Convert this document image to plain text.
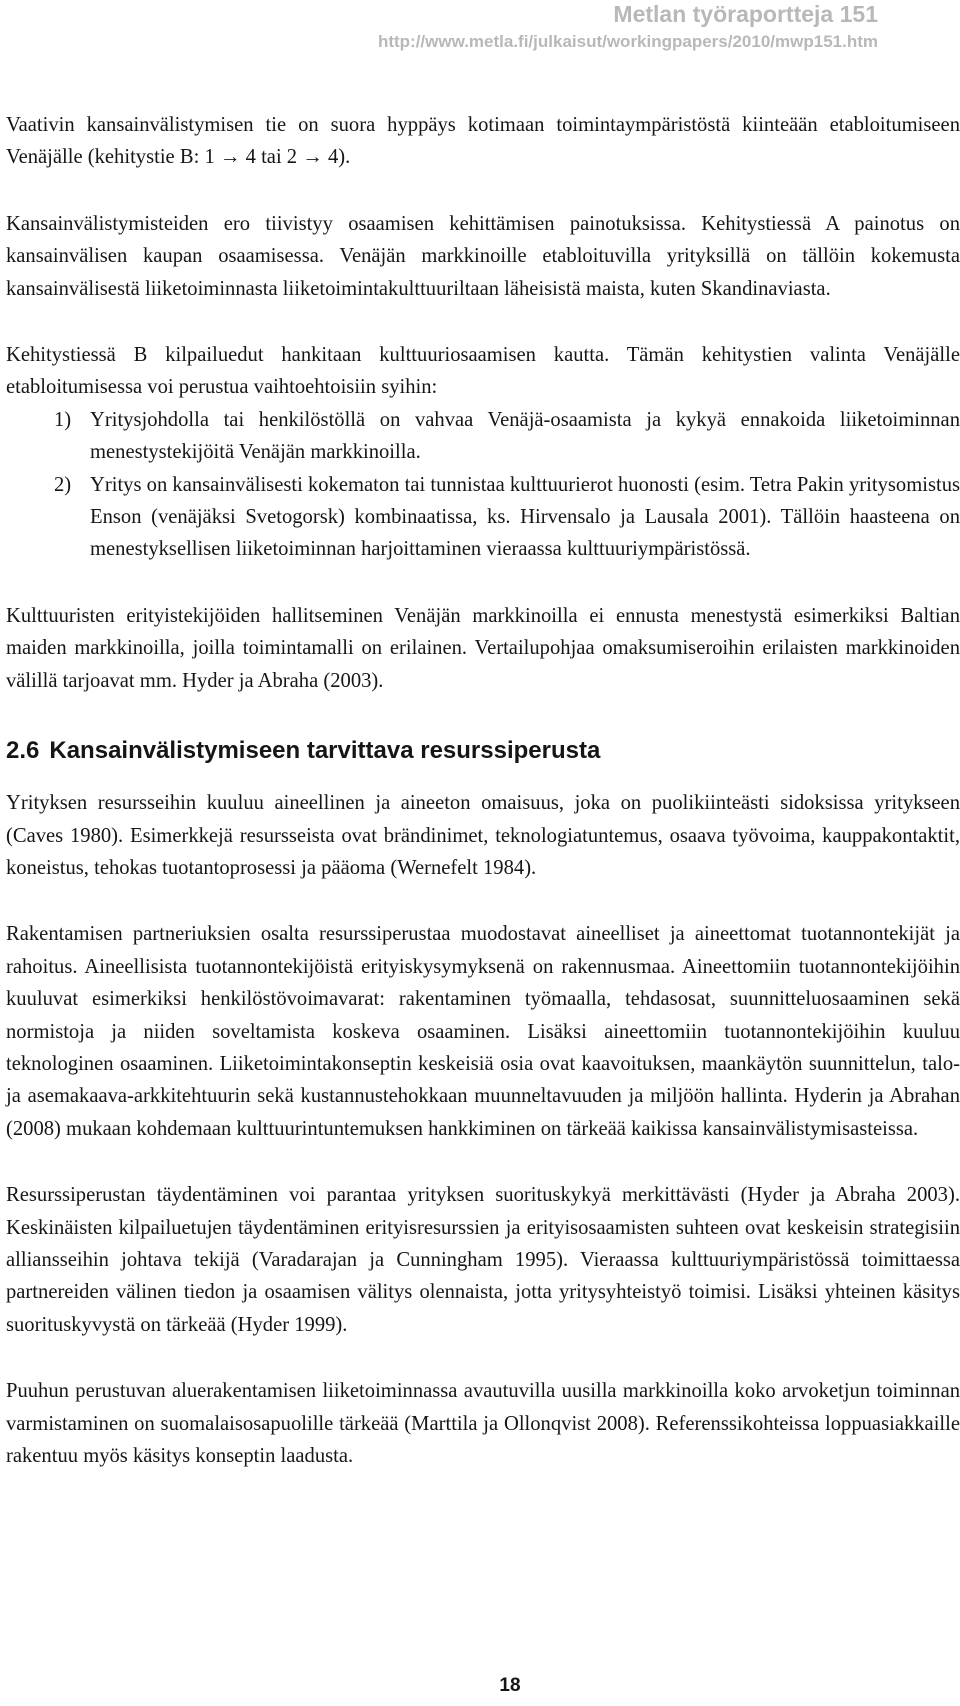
Metlan työraportteja 151
http://www.metla.fi/julkaisut/workingpapers/2010/mwp151.htm

Vaativin kansainvälistymisen tie on suora hyppäys kotimaan toimintaympäristöstä kiinteään etabloitumiseen Venäjälle (kehitystie B: 1 → 4 tai 2 → 4).

Kansainvälistymisteiden ero tiivistyy osaamisen kehittämisen painotuksissa. Kehitystiessä A painotus on kansainvälisen kaupan osaamisessa. Venäjän markkinoille etabloituvilla yrityksillä on tällöin kokemusta kansainvälisestä liiketoiminnasta liiketoimintakulttuuriltaan läheisistä maista, kuten Skandinaviasta.

Kehitystiessä B kilpailuedut hankitaan kulttuuriosaamisen kautta. Tämän kehitystien valinta Venäjälle etabloitumisessa voi perustua vaihtoehtoisiin syihin:

1) Yritysjohdolla tai henkilöstöllä on vahvaa Venäjä-osaamista ja kykyä ennakoida liiketoiminnan menestystekijöitä Venäjän markkinoilla.
2) Yritys on kansainvälisesti kokematon tai tunnistaa kulttuurierot huonosti (esim. Tetra Pakin yritysomistus Enson (venäjäksi Svetogorsk) kombinaatissa, ks. Hirvensalo ja Lausala 2001). Tällöin haasteena on menestyksellisen liiketoiminnan harjoittaminen vieraassa kulttuuriympäristössä.

Kulttuuristen erityistekijöiden hallitseminen Venäjän markkinoilla ei ennusta menestystä esimerkiksi Baltian maiden markkinoilla, joilla toimintamalli on erilainen. Vertailupohjaa omaksumiseroihin erilaisten markkinoiden välillä tarjoavat mm. Hyder ja Abraha (2003).

2.6 Kansainvälistymiseen tarvittava resurssiperusta

Yrityksen resursseihin kuuluu aineellinen ja aineeton omaisuus, joka on puolikiinteästi sidoksissa yritykseen (Caves 1980). Esimerkkejä resursseista ovat brändinimet, teknologiatuntemus, osaava työvoima, kauppakontaktit, koneistus, tehokas tuotantoprosessi ja pääoma (Wernefelt 1984).

Rakentamisen partneriuksien osalta resurssiperustaa muodostavat aineelliset ja aineettomat tuotannontekijät ja rahoitus. Aineellisista tuotannontekijöistä erityiskysymyksenä on rakennusmaa. Aineettomiin tuotannontekijöihin kuuluvat esimerkiksi henkilöstövoimavarat: rakentaminen työmaalla, tehdasosat, suunnitteluosaaminen sekä normistoja ja niiden soveltamista koskeva osaaminen. Lisäksi aineettomiin tuotannontekijöihin kuuluu teknologinen osaaminen. Liiketoimintakonseptin keskeisiä osia ovat kaavoituksen, maankäytön suunnittelun, talo- ja asemakaava-arkkitehtuurin sekä kustannustehokkaan muunneltavuuden ja miljöön hallinta. Hyderin ja Abrahan (2008) mukaan kohdemaan kulttuurintuntemuksen hankkiminen on tärkeää kaikissa kansainvälistymisasteissa.

Resurssiperustan täydentäminen voi parantaa yrityksen suorituskykyä merkittävästi (Hyder ja Abraha 2003). Keskinäisten kilpailuetujen täydentäminen erityisresurssien ja erityisosaamisten suhteen ovat keskeisin strategisiin alliansseihin johtava tekijä (Varadarajan ja Cunningham 1995). Vieraassa kulttuuriympäristössä toimittaessa partnereiden välinen tiedon ja osaamisen välitys olennaista, jotta yritysyhteistyö toimisi. Lisäksi yhteinen käsitys suorituskyvystä on tärkeää (Hyder 1999).

Puuhun perustuvan aluerakentamisen liiketoiminnassa avautuvilla uusilla markkinoilla koko arvoketjun toiminnan varmistaminen on suomalaisosapuolille tärkeää (Marttila ja Ollonqvist 2008). Referenssikohteissa loppuasiakkaille rakentuu myös käsitys konseptin laadusta.

18
